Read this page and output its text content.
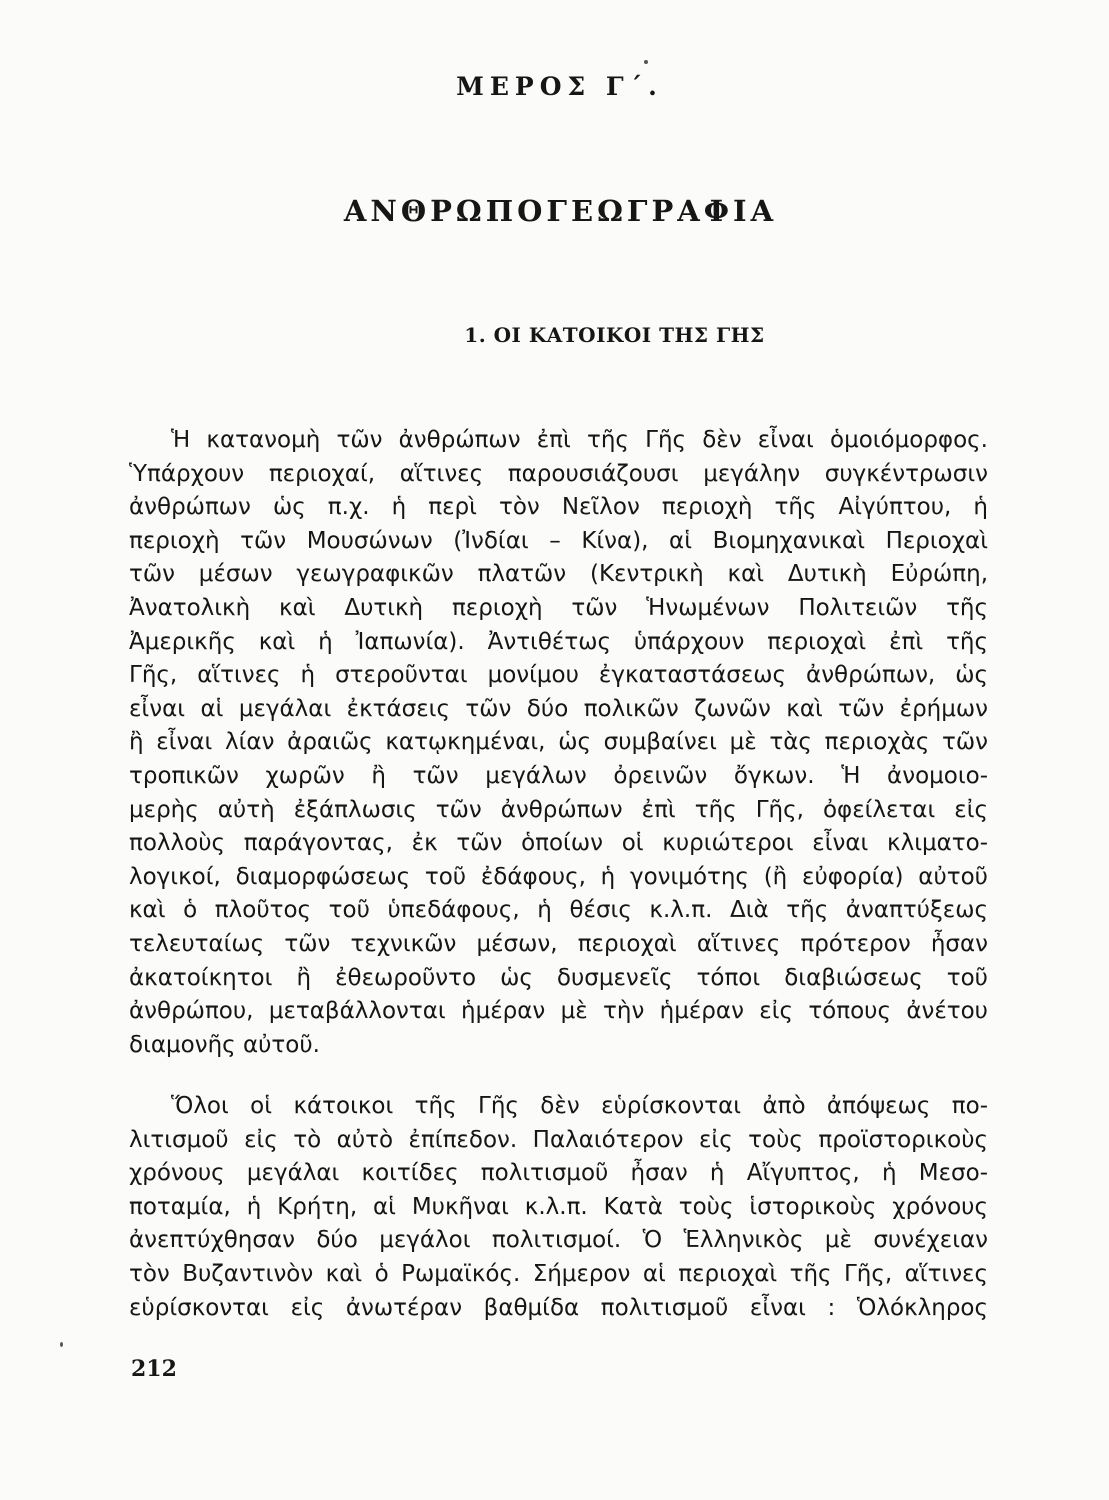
ΜΕΡΟΣ Γ΄.
ΑΝΘΡΩΠΟΓΕΩΓΡΑΦΙΑ
1. ΟΙ ΚΑΤΟΙΚΟΙ ΤΗΣ ΓΗΣ
Ἡ κατανομὴ τῶν ἀνθρώπων ἐπὶ τῆς Γῆς δὲν εἶναι ὁμοιόμορφος.
Ὑπάρχουν περιοχαί, αἵτινες παρουσιάζουσι μεγάλην συγκέντρωσιν
ἀνθρώπων ὡς π.χ. ἡ περὶ τὸν Νεῖλον περιοχὴ τῆς Αἰγύπτου, ἡ
περιοχὴ τῶν Μουσώνων (Ἰνδίαι – Κίνα), αἱ Βιομηχανικαὶ Περιοχαὶ
τῶν μέσων γεωγραφικῶν πλατῶν (Κεντρικὴ καὶ Δυτικὴ Εὐρώπη,
Ἀνατολικὴ καὶ Δυτικὴ περιοχὴ τῶν Ἡνωμένων Πολιτειῶν τῆς
Ἀμερικῆς καὶ ἡ Ἰαπωνία). Ἀντιθέτως ὑπάρχουν περιοχαὶ ἐπὶ τῆς
Γῆς, αἵτινες ἡ στεροῦνται μονίμου ἐγκαταστάσεως ἀνθρώπων, ὡς
εἶναι αἱ μεγάλαι ἐκτάσεις τῶν δύο πολικῶν ζωνῶν καὶ τῶν ἐρήμων
ἢ εἶναι λίαν ἀραιῶς κατῳκημέναι, ὡς συμβαίνει μὲ τὰς περιοχὰς τῶν
τροπικῶν χωρῶν ἢ τῶν μεγάλων ὀρεινῶν ὄγκων. Ἡ ἀνομοιο-
μερὴς αὐτὴ ἐξάπλωσις τῶν ἀνθρώπων ἐπὶ τῆς Γῆς, ὀφείλεται εἰς
πολλοὺς παράγοντας, ἐκ τῶν ὁποίων οἱ κυριώτεροι εἶναι κλιματο-
λογικοί, διαμορφώσεως τοῦ ἐδάφους, ἡ γονιμότης (ἢ εὐφορία) αὐτοῦ
καὶ ὁ πλοῦτος τοῦ ὑπεδάφους, ἡ θέσις κ.λ.π. Διὰ τῆς ἀναπτύξεως
τελευταίως τῶν τεχνικῶν μέσων, περιοχαὶ αἵτινες πρότερον ἦσαν
ἀκατοίκητοι ἢ ἐθεωροῦντο ὡς δυσμενεῖς τόποι διαβιώσεως τοῦ
ἀνθρώπου, μεταβάλλονται ἡμέραν μὲ τὴν ἡμέραν εἰς τόπους ἀνέτου
διαμονῆς αὐτοῦ.
Ὅλοι οἱ κάτοικοι τῆς Γῆς δὲν εὑρίσκονται ἀπὸ ἀπόψεως πο-
λιτισμοῦ εἰς τὸ αὐτὸ ἐπίπεδον. Παλαιότερον εἰς τοὺς προϊστορικοὺς
χρόνους μεγάλαι κοιτίδες πολιτισμοῦ ἦσαν ἡ Αἴγυπτος, ἡ Μεσο-
ποταμία, ἡ Κρήτη, αἱ Μυκῆναι κ.λ.π. Κατὰ τοὺς ἱστορικοὺς χρόνους
ἀνεπτύχθησαν δύο μεγάλοι πολιτισμοί. Ὁ Ἑλληνικὸς μὲ συνέχειαν
τὸν Βυζαντινὸν καὶ ὁ Ρωμαϊκός. Σήμερον αἱ περιοχαὶ τῆς Γῆς, αἵτινες
εὑρίσκονται εἰς ἀνωτέραν βαθμίδα πολιτισμοῦ εἶναι : Ὁλόκληρος
212
